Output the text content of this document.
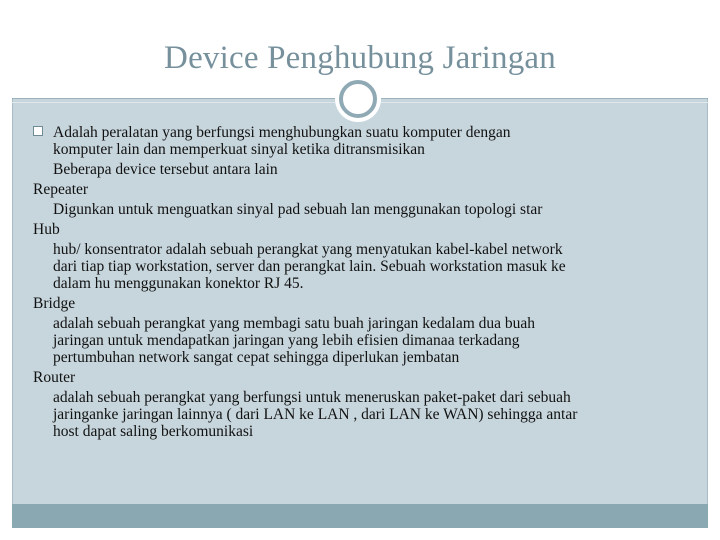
Device Penghubung Jaringan
Adalah peralatan yang berfungsi menghubungkan suatu komputer dengan
komputer lain dan memperkuat sinyal ketika ditransmisikan
Beberapa device tersebut antara lain
Repeater
Digunkan untuk menguatkan sinyal pad sebuah lan menggunakan topologi star
Hub
hub/ konsentrator adalah sebuah perangkat yang menyatukan kabel-kabel network
dari tiap tiap workstation, server dan perangkat lain. Sebuah workstation masuk ke
dalam hu menggunakan konektor RJ 45.
Bridge
adalah sebuah perangkat yang membagi satu buah jaringan kedalam dua buah
jaringan untuk mendapatkan jaringan yang lebih efisien dimanaa terkadang
pertumbuhan network sangat cepat sehingga diperlukan jembatan
Router
adalah sebuah perangkat yang berfungsi untuk meneruskan paket-paket dari sebuah
jaringanke jaringan lainnya ( dari LAN ke LAN , dari LAN ke WAN) sehingga antar
host dapat saling berkomunikasi
